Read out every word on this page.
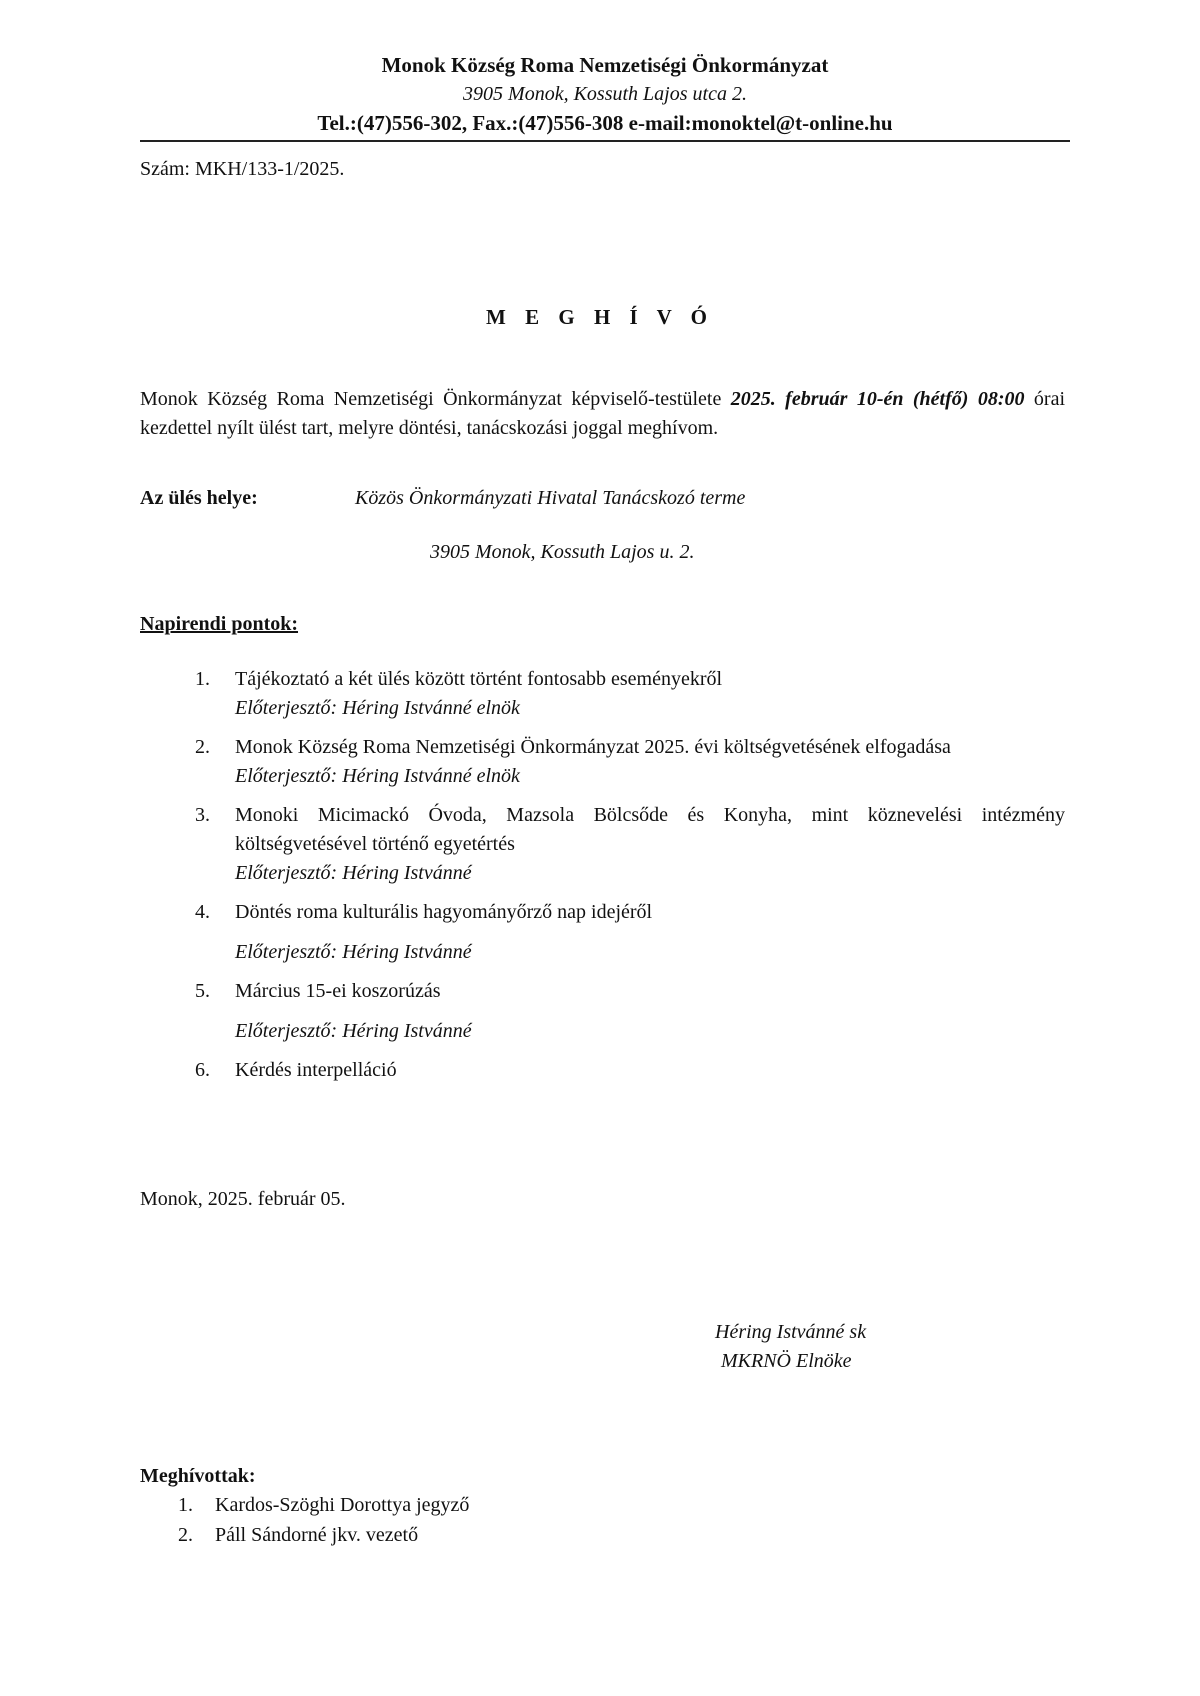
Monok Község Roma Nemzetiségi Önkormányzat
3905 Monok, Kossuth Lajos utca 2.
Tel.:(47)556-302, Fax.:(47)556-308 e-mail:monoktel@t-online.hu
Szám: MKH/133-1/2025.
M E G H Í V Ó
Monok Község Roma Nemzetiségi Önkormányzat képviselő-testülete 2025. február 10-én (hétfő) 08:00 órai kezdettel nyílt ülést tart, melyre döntési, tanácskozási joggal meghívom.
Az ülés helye:	Közös Önkormányzati Hivatal Tanácskozó terme
3905 Monok, Kossuth Lajos u. 2.
Napirendi pontok:
1. Tájékoztató a két ülés között történt fontosabb eseményekről
Előterjesztő: Héring Istvánné elnök
2. Monok Község Roma Nemzetiségi Önkormányzat 2025. évi költségvetésének elfogadása
Előterjesztő: Héring Istvánné elnök
3. Monoki Micimackó Óvoda, Mazsola Bölcsőde és Konyha, mint köznevelési intézmény költségvetésével történő egyetértés
Előterjesztő: Héring Istvánné
4. Döntés roma kulturális hagyományőrző nap idejéről
Előterjesztő: Héring Istvánné
5. Március 15-ei koszorúzás
Előterjesztő: Héring Istvánné
6. Kérdés interpelláció
Monok, 2025. február 05.
Héring Istvánné sk
MKRNÖ Elnöke
Meghívottak:
1. Kardos-Szöghi Dorottya jegyző
2. Páll Sándorné jkv. vezető
